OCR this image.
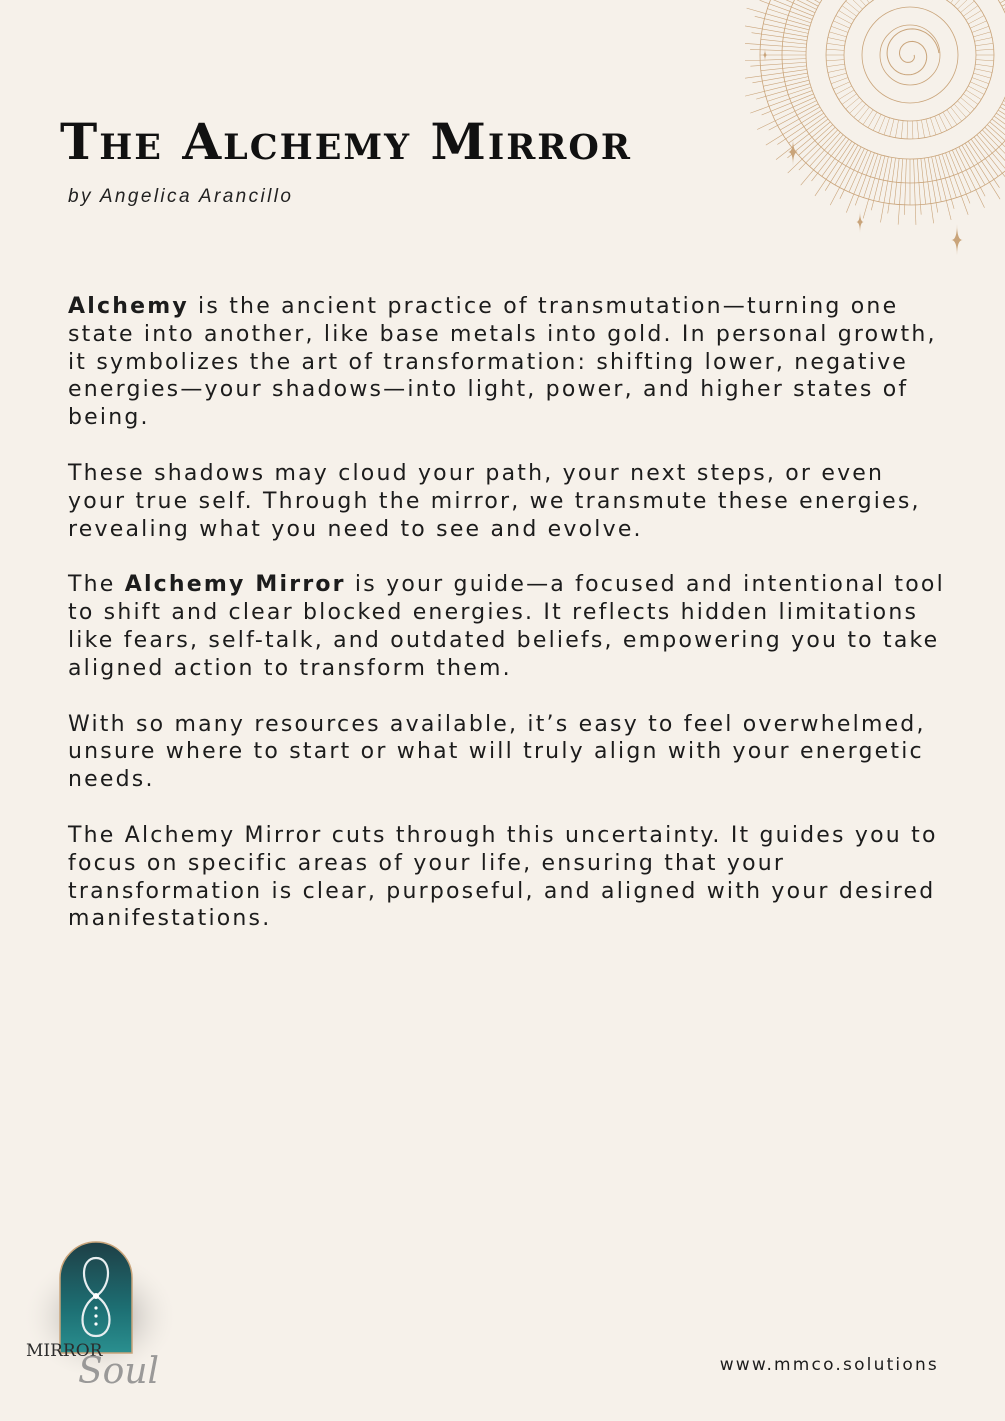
The Alchemy Mirror
by Angelica Arancillo

Alchemy is the ancient practice of transmutation—turning one state into another, like base metals into gold. In personal growth, it symbolizes the art of transformation: shifting lower, negative energies—your shadows—into light, power, and higher states of being.

These shadows may cloud your path, your next steps, or even your true self. Through the mirror, we transmute these energies, revealing what you need to see and evolve.

The Alchemy Mirror is your guide—a focused and intentional tool to shift and clear blocked energies. It reflects hidden limitations like fears, self-talk, and outdated beliefs, empowering you to take aligned action to transform them.

With so many resources available, it’s easy to feel overwhelmed, unsure where to start or what will truly align with your energetic needs.

The Alchemy Mirror cuts through this uncertainty. It guides you to focus on specific areas of your life, ensuring that your transformation is clear, purposeful, and aligned with your desired manifestations.

MIRROR
Soul	www.mmco.solutions
